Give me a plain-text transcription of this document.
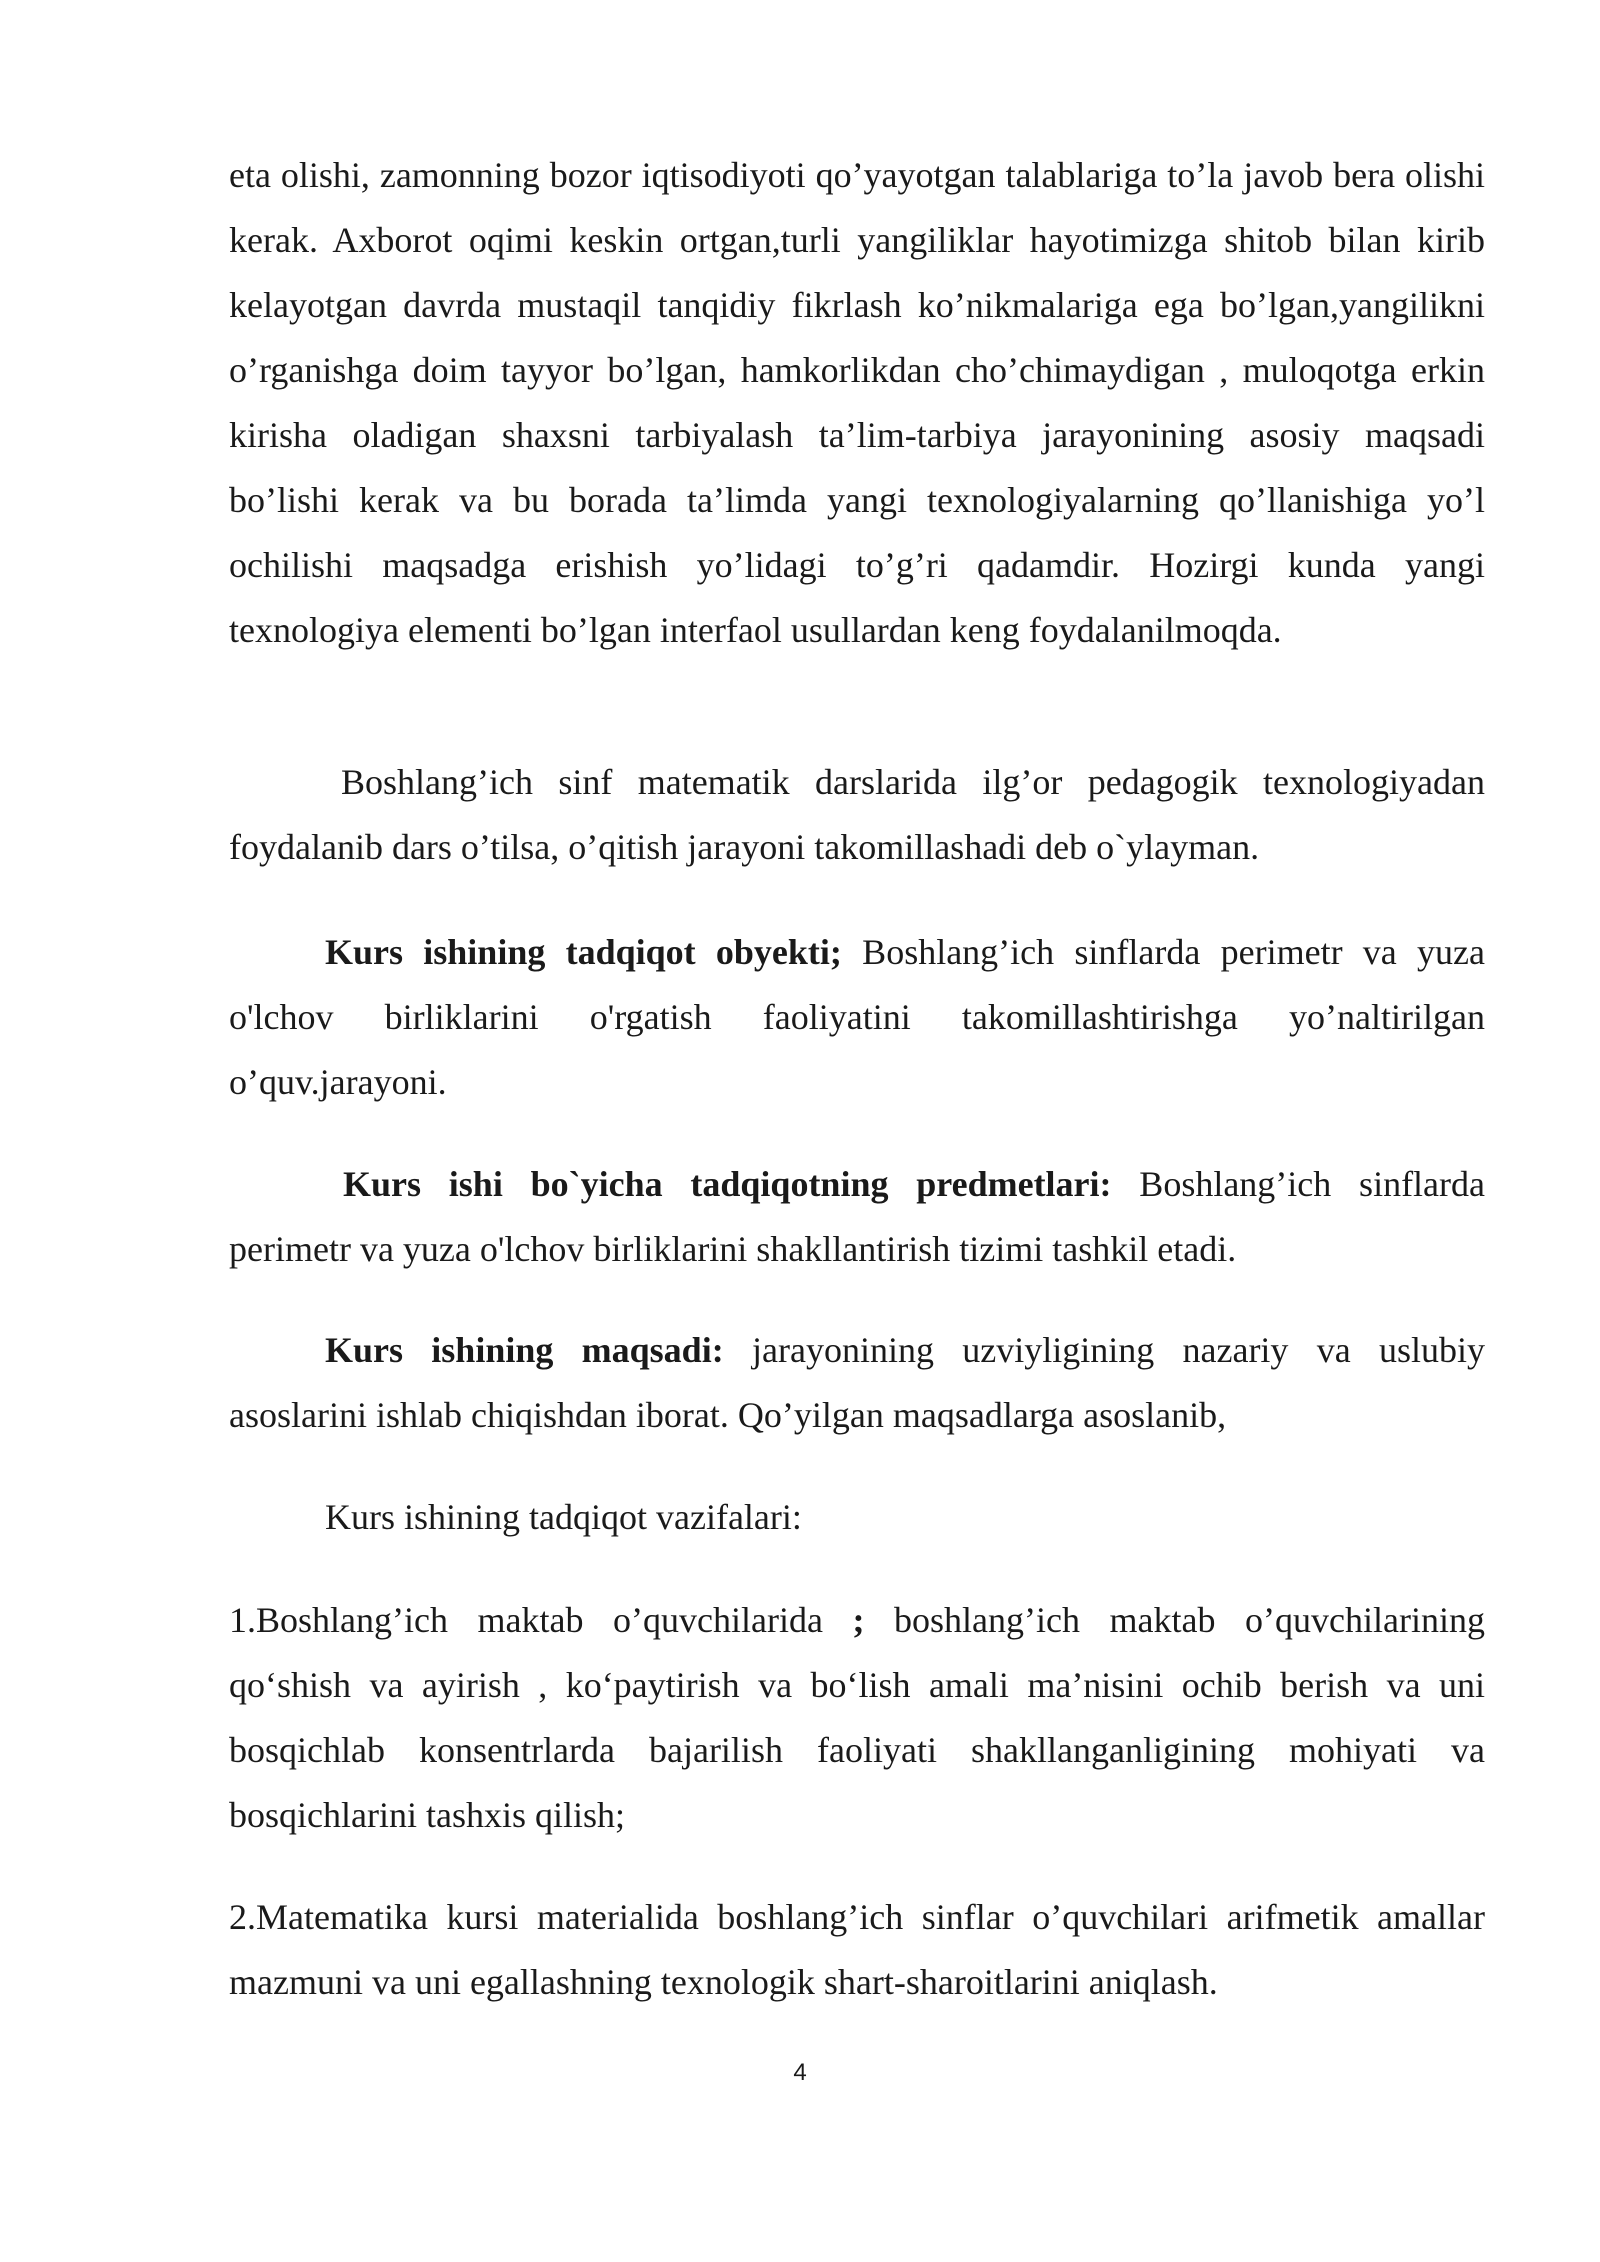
eta olishi, zamonning bozor iqtisodiyoti qo’yayotgan talablariga to’la javob bera olishi kerak. Axborot oqimi keskin ortgan,turli yangiliklar hayotimizga shitob bilan kirib kelayotgan davrda mustaqil tanqidiy fikrlash ko’nikmalariga ega bo’lgan,yangilikni o’rganishga doim tayyor bo’lgan, hamkorlikdan cho’chimaydigan , muloqotga erkin kirisha oladigan shaxsni tarbiyalash ta’lim-tarbiya jarayonining asosiy maqsadi bo’lishi kerak va bu borada ta’limda yangi texnologiyalarning qo’llanishiga yo’l ochilishi maqsadga erishish yo’lidagi to’g’ri qadamdir. Hozirgi kunda yangi texnologiya elementi bo’lgan interfaol usullardan keng foydalanilmoqda.

Boshlang’ich sinf matematik darslarida ilg’or pedagogik texnologiyadan foydalanib dars o’tilsa, o’qitish jarayoni takomillashadi deb o`ylayman.

Kurs ishining tadqiqot obyekti; Boshlang’ich sinflarda perimetr va yuza o'lchov birliklarini o'rgatish faoliyatini takomillashtirishga yo’naltirilgan o’quv.jarayoni.

Kurs ishi bo`yicha tadqiqotning predmetlari: Boshlang’ich sinflarda perimetr va yuza o'lchov birliklarini shakllantirish tizimi tashkil etadi.

Kurs ishining maqsadi: jarayonining uzviyligining nazariy va uslubiy asoslarini ishlab chiqishdan iborat. Qo’yilgan maqsadlarga asoslanib,

Kurs ishining tadqiqot vazifalari:

1.Boshlang’ich maktab o’quvchilarida ; boshlang’ich maktab o’quvchilarining qo‘shish va ayirish , ko‘paytirish va bo‘lish amali ma’nisini ochib berish va uni bosqichlab konsentrlarda bajarilish faoliyati shakllanganligining mohiyati va bosqichlarini tashxis qilish;

2.Matematika kursi materialida boshlang’ich sinflar o’quvchilari arifmetik amallar mazmuni va uni egallashning texnologik shart-sharoitlarini aniqlash.

4
